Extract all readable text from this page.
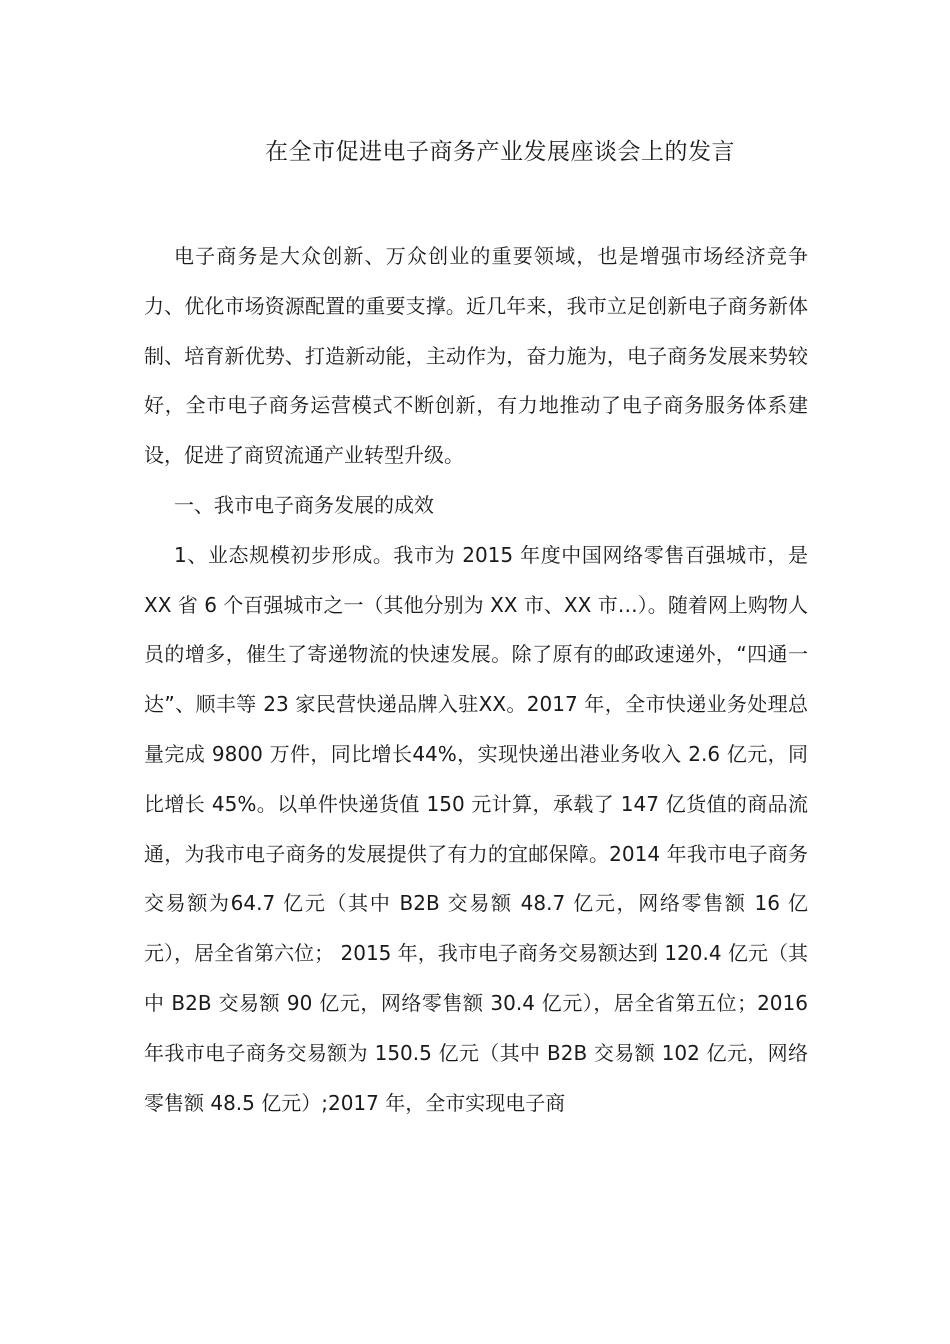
在全市促进电子商务产业发展座谈会上的发言

电子商务是大众创新、万众创业的重要领域，也是增强市场经济竞争力、优化市场资源配置的重要支撑。近几年来，我市立足创新电子商务新体制、培育新优势、打造新动能，主动作为，奋力施为，电子商务发展来势较好，全市电子商务运营模式不断创新，有力地推动了电子商务服务体系建设，促进了商贸流通产业转型升级。

一、我市电子商务发展的成效

1、业态规模初步形成。我市为 2015 年度中国网络零售百强城市，是 XX 省 6 个百强城市之一（其他分别为 XX 市、XX 市…）。随着网上购物人员的增多，催生了寄递物流的快速发展。除了原有的邮政速递外，“四通一达”、顺丰等 23 家民营快递品牌入驻XX。2017 年，全市快递业务处理总量完成 9800 万件，同比增长44%，实现快递出港业务收入 2.6 亿元，同比增长 45%。以单件快递货值 150 元计算，承载了 147 亿货值的商品流通，为我市电子商务的发展提供了有力的宜邮保障。2014 年我市电子商务交易额为64.7 亿元（其中 B2B 交易额 48.7 亿元，网络零售额 16 亿元），居全省第六位； 2015 年，我市电子商务交易额达到 120.4 亿元（其中 B2B 交易额 90 亿元，网络零售额 30.4 亿元），居全省第五位；2016 年我市电子商务交易额为 150.5 亿元（其中 B2B 交易额 102 亿元，网络零售额 48.5 亿元）;2017 年，全市实现电子商
